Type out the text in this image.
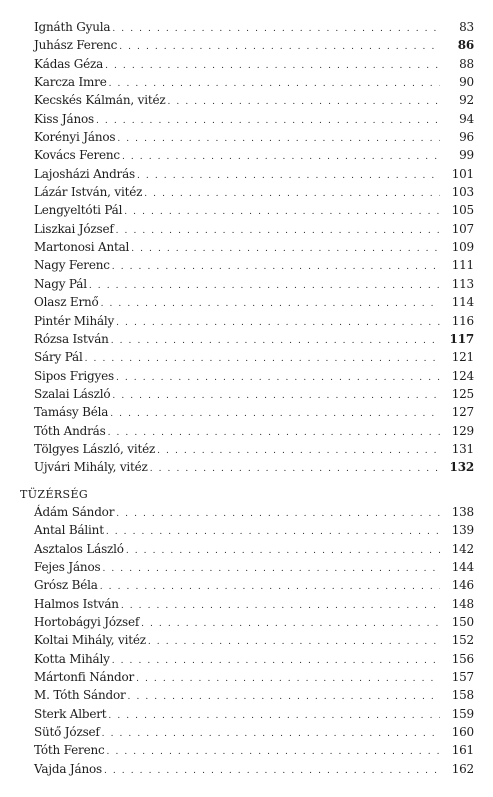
Ignáth Gyula . . .	83
Juhász Ferenc . . .	86
Kádas Géza . . .	88
Karcza Imre . . .	90
Kecskés Kálmán, vitéz . . .	92
Kiss János . . .	94
Korényi János . . .	96
Kovács Ferenc . . .	99
Lajosházi András . . .	101
Lázár István, vitéz . . .	103
Lengyeltóti Pál . . .	105
Liszkai József . . .	107
Martonosi Antal . . .	109
Nagy Ferenc . . .	111
Nagy Pál . . .	113
Olasz Ernő . . .	114
Pintér Mihály . . .	116
Rózsa István . . .	117
Sáry Pál . . .	121
Sipos Frigyes . . .	124
Szalai László . . .	125
Tamásy Béla . . .	127
Tóth András . . .	129
Tölgyes László, vitéz . . .	131
Ujvári Mihály, vitéz . . .	132
TÜZÉRSÉG
Ádám Sándor . . .	138
Antal Bálint . . .	139
Asztalos László . . .	142
Fejes János . . .	144
Grósz Béla . . .	146
Halmos István . . .	148
Hortobágyi József . . .	150
Koltai Mihály, vitéz . . .	152
Kotta Mihály . . .	156
Mártonfi Nándor . . .	157
M. Tóth Sándor . . .	158
Sterk Albert . . .	159
Sütő József . . .	160
Tóth Ferenc . . .	161
Vajda János . . .	162
